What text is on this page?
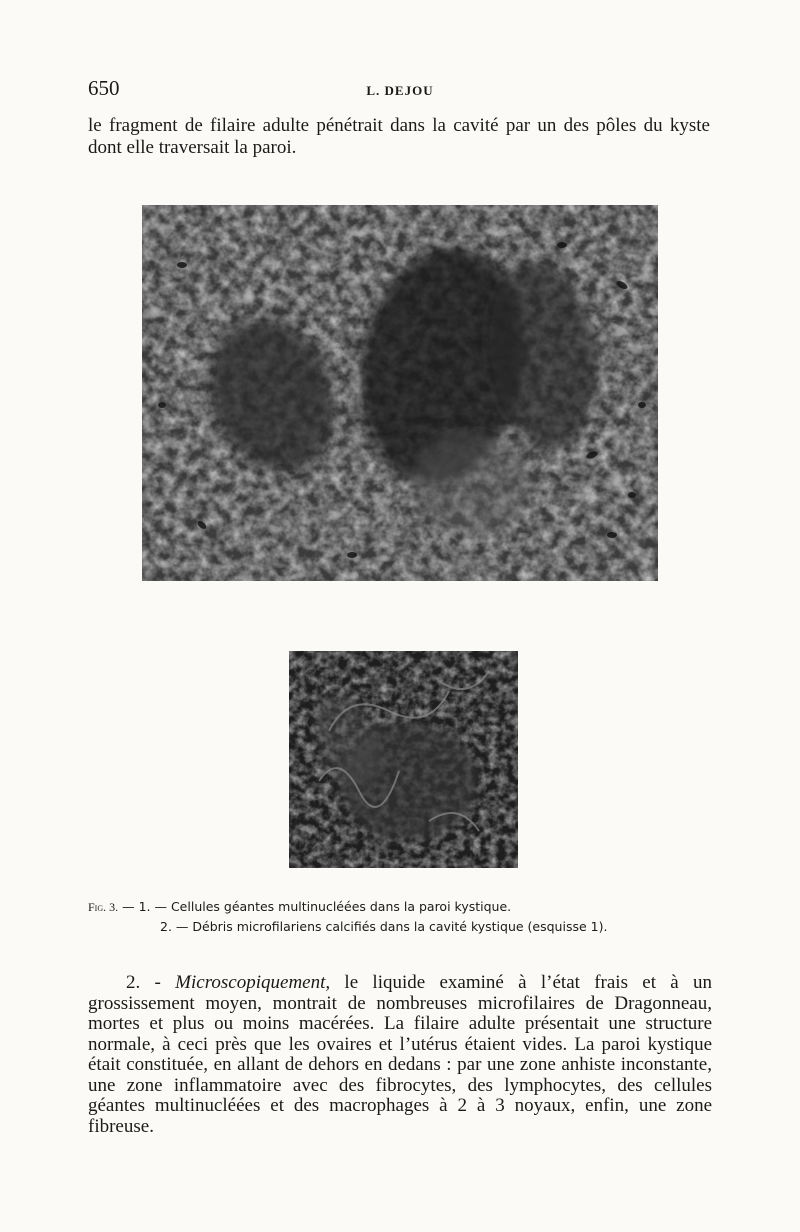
650	L. DEJOU

le fragment de filaire adulte pénétrait dans la cavité par un des pôles du kyste dont elle traversait la paroi.

Fig. 3. — 1. — Cellules géantes multinucléées dans la paroi kystique.
2. — Débris microfilariens calcifiés dans la cavité kystique (esquisse 1).

2. - Microscopiquement, le liquide examiné à l’état frais et à un grossissement moyen, montrait de nombreuses microfilaires de Dragonneau, mortes et plus ou moins macérées. La filaire adulte présentait une structure normale, à ceci près que les ovaires et l’utérus étaient vides. La paroi kystique était constituée, en allant de dehors en dedans : par une zone anhiste inconstante, une zone inflammatoire avec des fibrocytes, des lymphocytes, des cellules géantes multinucléées et des macrophages à 2 à 3 noyaux, enfin, une zone fibreuse.
